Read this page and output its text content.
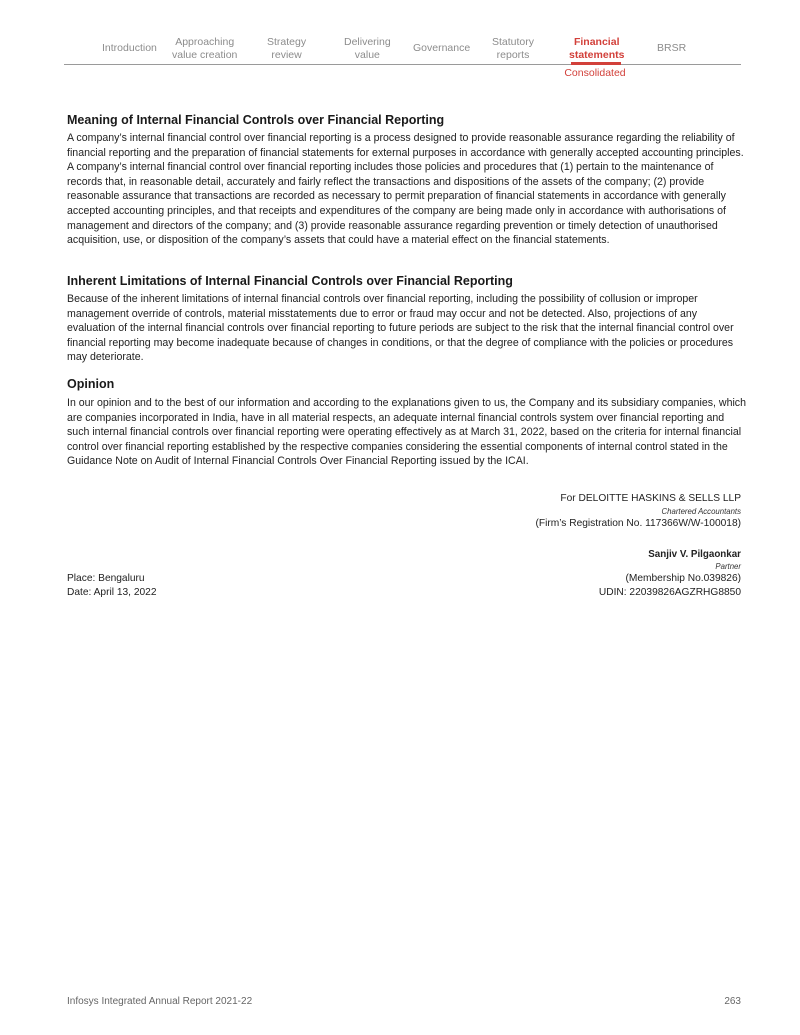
Introduction	Approaching
value creation
Strategy
review
Delivering
value
Governance Statutory
reports
Financial
statements
BRSR
Consolidated
Meaning of Internal Financial Controls over Financial Reporting
A company’s internal financial control over financial reporting is a process designed to provide reasonable assurance regarding the reliability of financial reporting and the preparation of financial statements for external purposes in accordance with generally accepted accounting principles. A company’s internal financial control over financial reporting includes those policies and procedures that (1) pertain to the maintenance of records that, in reasonable detail, accurately and fairly reflect the transactions and dispositions of the assets of the company; (2) provide reasonable assurance that transactions are recorded as necessary to permit preparation of financial statements in accordance with generally accepted accounting principles, and that receipts and expenditures of the company are being made only in accordance with authorisations of management and directors of the company; and (3) provide reasonable assurance regarding prevention or timely detection of unauthorised acquisition, use, or disposition of the company’s assets that could have a material effect on the financial statements.
Inherent Limitations of Internal Financial Controls over Financial Reporting
Because of the inherent limitations of internal financial controls over financial reporting, including the possibility of collusion or improper management override of controls, material misstatements due to error or fraud may occur and not be detected. Also, projections of any evaluation of the internal financial controls over financial reporting to future periods are subject to the risk that the internal financial control over financial reporting may become inadequate because of changes in conditions, or that the degree of compliance with the policies or procedures may deteriorate.
Opinion
In our opinion and to the best of our information and according to the explanations given to us, the Company and its subsidiary companies, which are companies incorporated in India, have in all material respects, an adequate internal financial controls system over financial reporting and such internal financial controls over financial reporting were operating effectively as at March 31, 2022, based on the criteria for internal financial control over financial reporting established by the respective companies considering the essential components of internal control stated in the Guidance Note on Audit of Internal Financial Controls Over Financial Reporting issued by the ICAI.
For DELOITTE HASKINS & SELLS LLP
Chartered Accountants
(Firm’s Registration No. 117366W/W-100018)
Sanjiv V. Pilgaonkar
Partner
(Membership No.039826)
UDIN: 22039826AGZRHG8850
Place: Bengaluru
Date: April 13, 2022
Infosys Integrated Annual Report 2021-22	263
